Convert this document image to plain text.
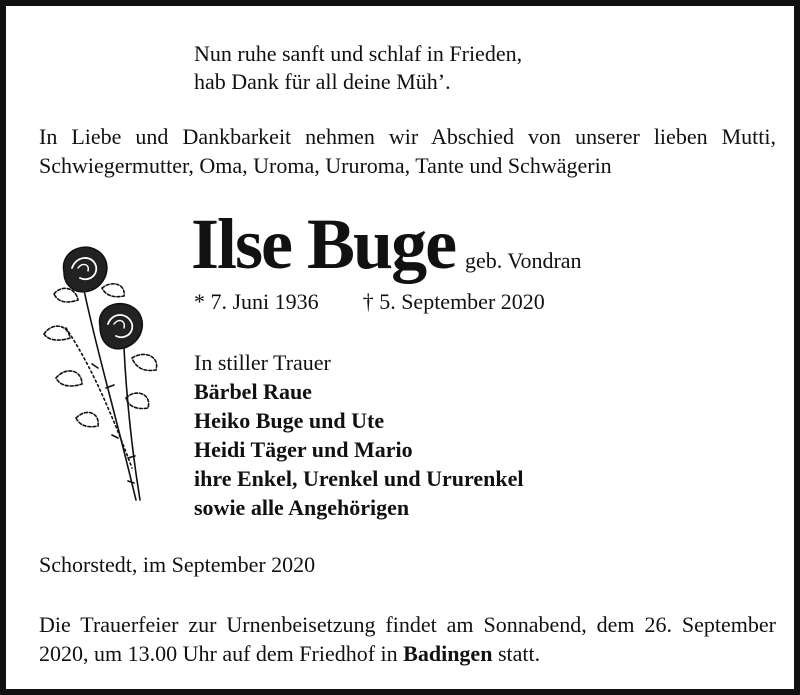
Nun ruhe sanft und schlaf in Frieden,
hab Dank für all deine Müh’.
In Liebe und Dankbarkeit nehmen wir Abschied von unserer lieben Mutti, Schwiegermutter, Oma, Uroma, Ururoma, Tante und Schwägerin
Ilse Buge geb. Vondran
* 7. Juni 1936 † 5. September 2020
In stiller Trauer
Bärbel Raue
Heiko Buge und Ute
Heidi Täger und Mario
ihre Enkel, Urenkel und Ururenkel
sowie alle Angehörigen
Schorstedt, im September 2020
Die Trauerfeier zur Urnenbeisetzung findet am Sonnabend, dem 26. September 2020, um 13.00 Uhr auf dem Friedhof in Badingen statt.
